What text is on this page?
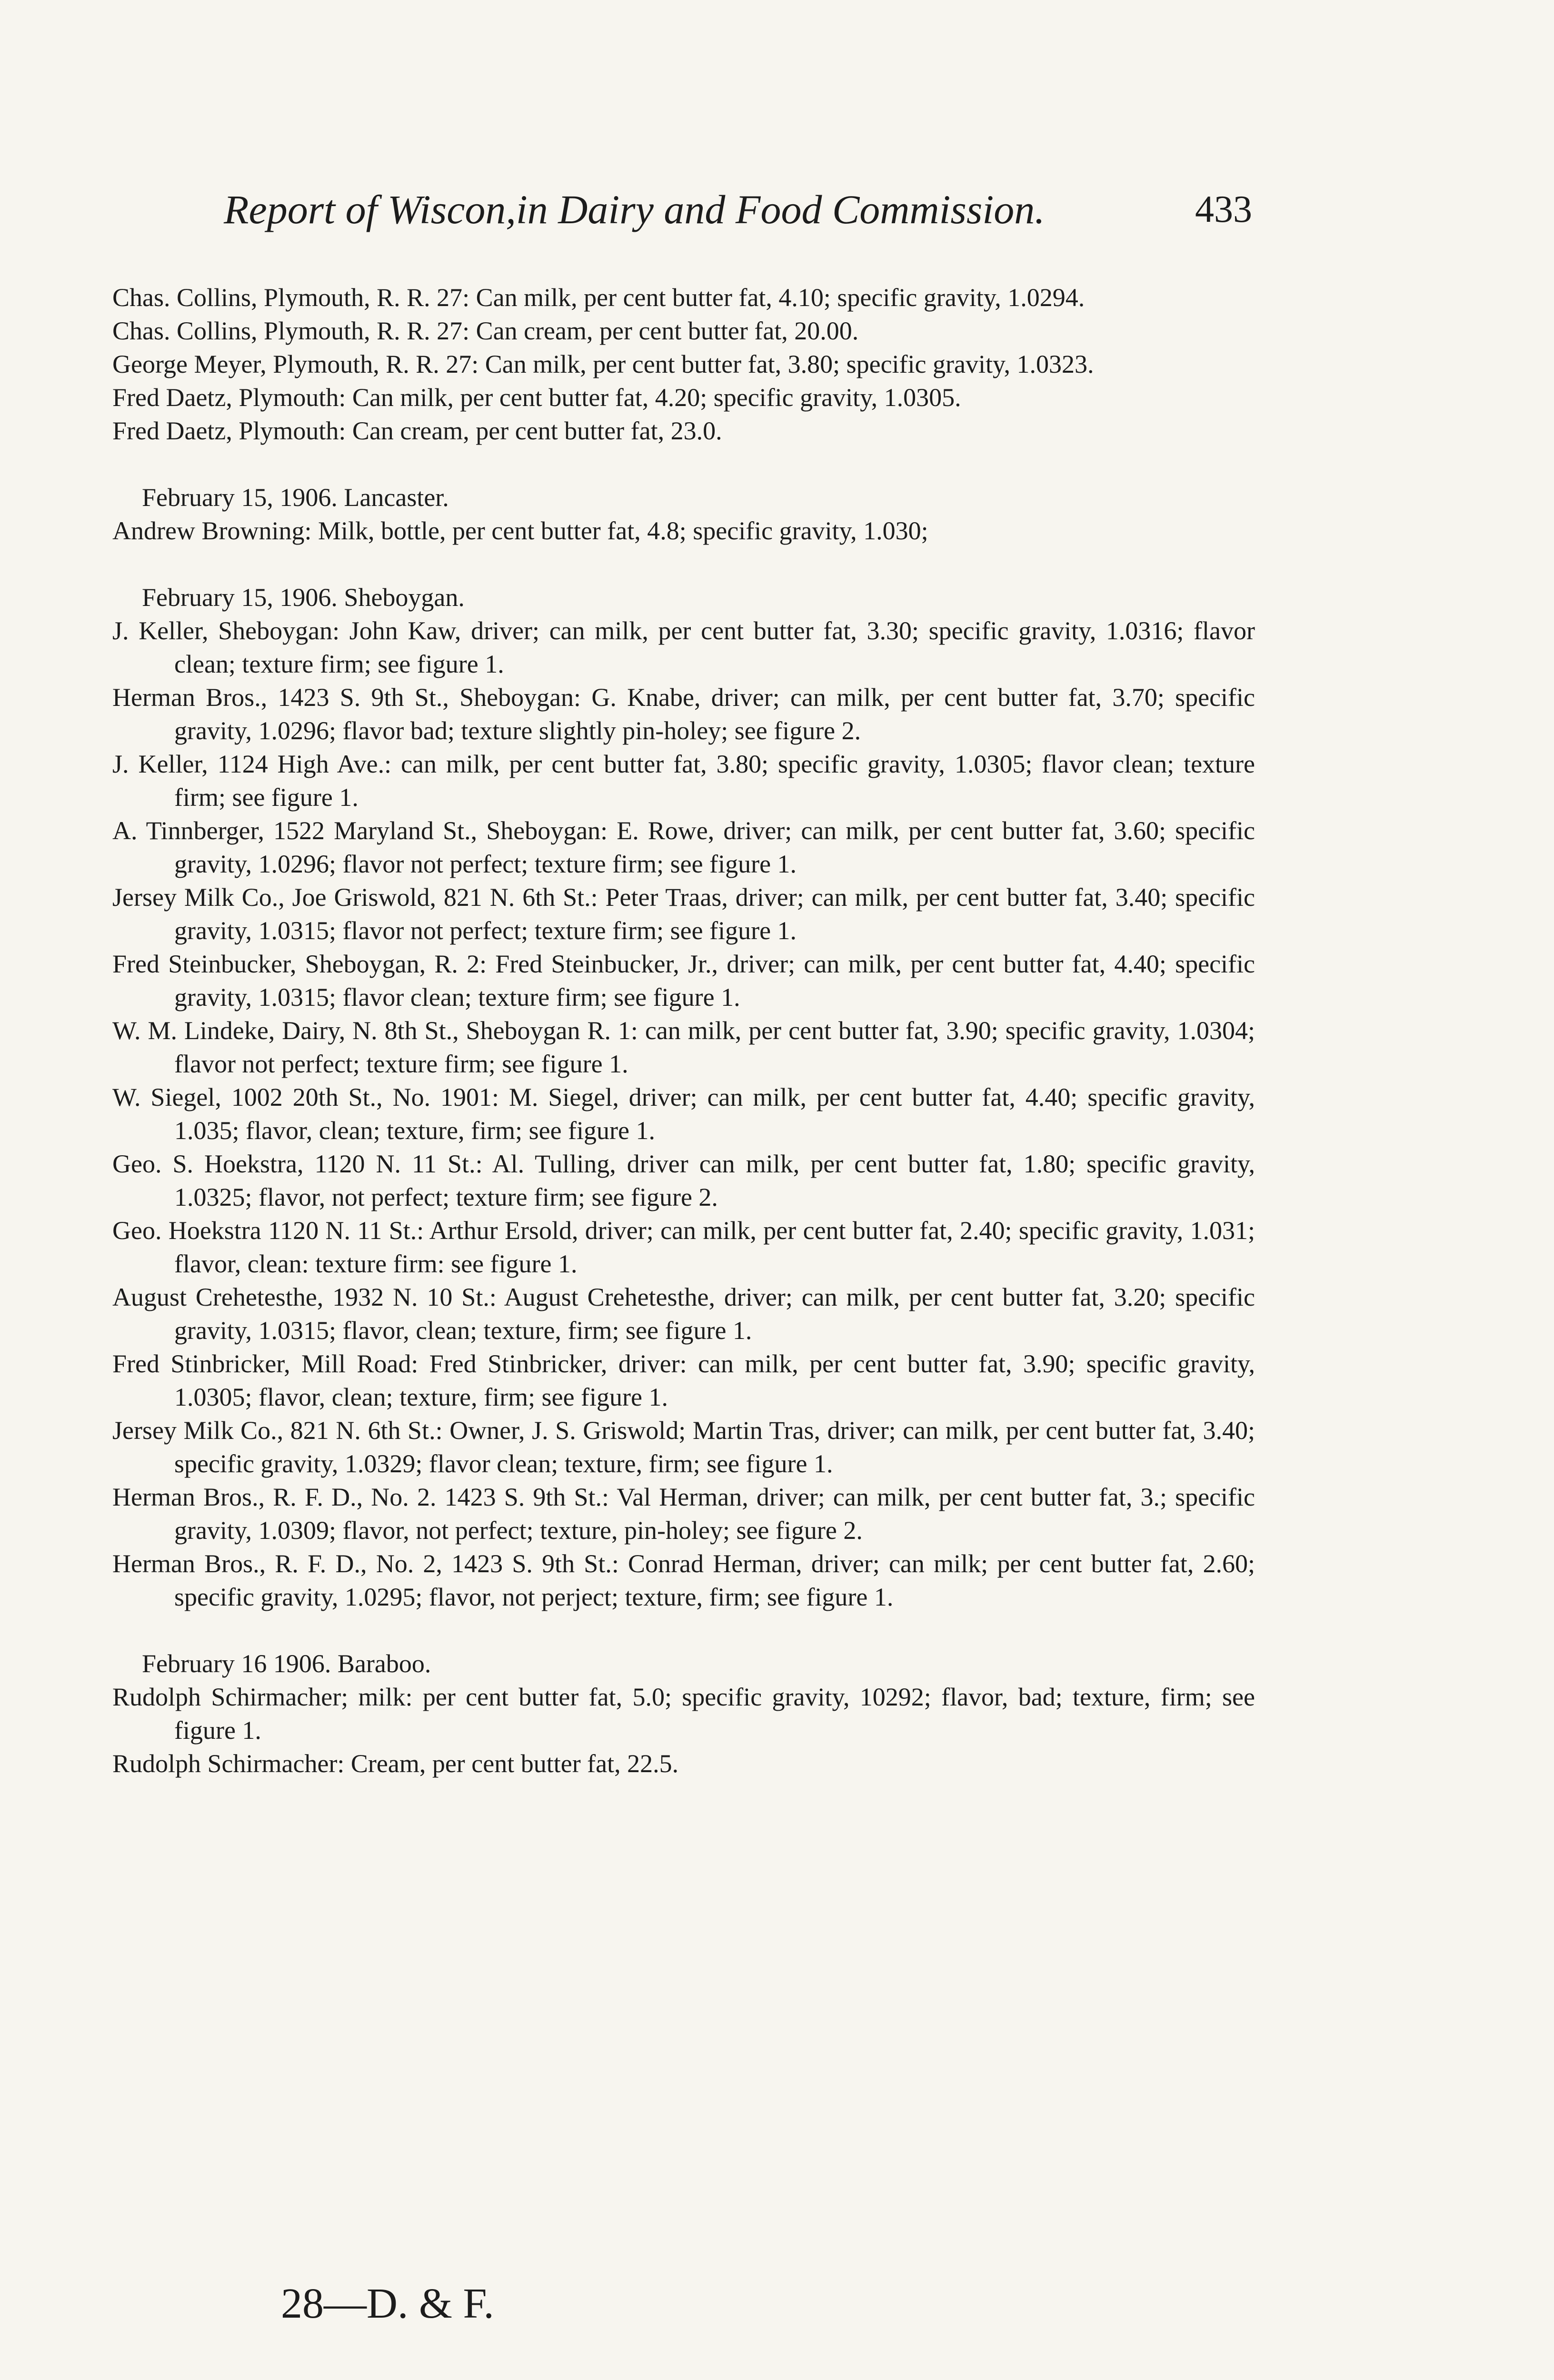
Report of Wiscon,in Dairy and Food Commission.	433

Chas. Collins, Plymouth, R. R. 27: Can milk, per cent butter fat, 4.10; specific gravity, 1.0294.

Chas. Collins, Plymouth, R. R. 27: Can cream, per cent butter fat, 20.00.

George Meyer, Plymouth, R. R. 27: Can milk, per cent butter fat, 3.80; specific gravity, 1.0323.

Fred Daetz, Plymouth: Can milk, per cent butter fat, 4.20; specific gravity, 1.0305.

Fred Daetz, Plymouth: Can cream, per cent butter fat, 23.0.

February 15, 1906. Lancaster.

Andrew Browning: Milk, bottle, per cent butter fat, 4.8; specific gravity, 1.030;

February 15, 1906. Sheboygan.

J. Keller, Sheboygan: John Kaw, driver; can milk, per cent butter fat, 3.30; specific gravity, 1.0316; flavor clean; texture firm; see figure 1.

Herman Bros., 1423 S. 9th St., Sheboygan: G. Knabe, driver; can milk, per cent butter fat, 3.70; specific gravity, 1.0296; flavor bad; texture slightly pin-holey; see figure 2.

J. Keller, 1124 High Ave.: can milk, per cent butter fat, 3.80; specific gravity, 1.0305; flavor clean; texture firm; see figure 1.

A. Tinnberger, 1522 Maryland St., Sheboygan: E. Rowe, driver; can milk, per cent butter fat, 3.60; specific gravity, 1.0296; flavor not perfect; texture firm; see figure 1.

Jersey Milk Co., Joe Griswold, 821 N. 6th St.: Peter Traas, driver; can milk, per cent butter fat, 3.40; specific gravity, 1.0315; flavor not perfect; texture firm; see figure 1.

Fred Steinbucker, Sheboygan, R. 2: Fred Steinbucker, Jr., driver; can milk, per cent butter fat, 4.40; specific gravity, 1.0315; flavor clean; texture firm; see figure 1.

W. M. Lindeke, Dairy, N. 8th St., Sheboygan R. 1: can milk, per cent butter fat, 3.90; specific gravity, 1.0304; flavor not perfect; texture firm; see figure 1.

W. Siegel, 1002 20th St., No. 1901: M. Siegel, driver; can milk, per cent butter fat, 4.40; specific gravity, 1.035; flavor, clean; texture, firm; see figure 1.

Geo. S. Hoekstra, 1120 N. 11 St.: Al. Tulling, driver can milk, per cent butter fat, 1.80; specific gravity, 1.0325; flavor, not perfect; texture firm; see figure 2.

Geo. Hoekstra 1120 N. 11 St.: Arthur Ersold, driver; can milk, per cent butter fat, 2.40; specific gravity, 1.031; flavor, clean: texture firm: see figure 1.

August Crehetesthe, 1932 N. 10 St.: August Crehetesthe, driver; can milk, per cent butter fat, 3.20; specific gravity, 1.0315; flavor, clean; texture, firm; see figure 1.

Fred Stinbricker, Mill Road: Fred Stinbricker, driver: can milk, per cent butter fat, 3.90; specific gravity, 1.0305; flavor, clean; texture, firm; see figure 1.

Jersey Milk Co., 821 N. 6th St.: Owner, J. S. Griswold; Martin Tras, driver; can milk, per cent butter fat, 3.40; specific gravity, 1.0329; flavor clean; texture, firm; see figure 1.

Herman Bros., R. F. D., No. 2. 1423 S. 9th St.: Val Herman, driver; can milk, per cent butter fat, 3.; specific gravity, 1.0309; flavor, not perfect; texture, pin-holey; see figure 2.

Herman Bros., R. F. D., No. 2, 1423 S. 9th St.: Conrad Herman, driver; can milk; per cent butter fat, 2.60; specific gravity, 1.0295; flavor, not perject; texture, firm; see figure 1.

February 16 1906. Baraboo.

Rudolph Schirmacher; milk: per cent butter fat, 5.0; specific gravity, 10292; flavor, bad; texture, firm; see figure 1.

Rudolph Schirmacher: Cream, per cent butter fat, 22.5.

28—D. & F.
